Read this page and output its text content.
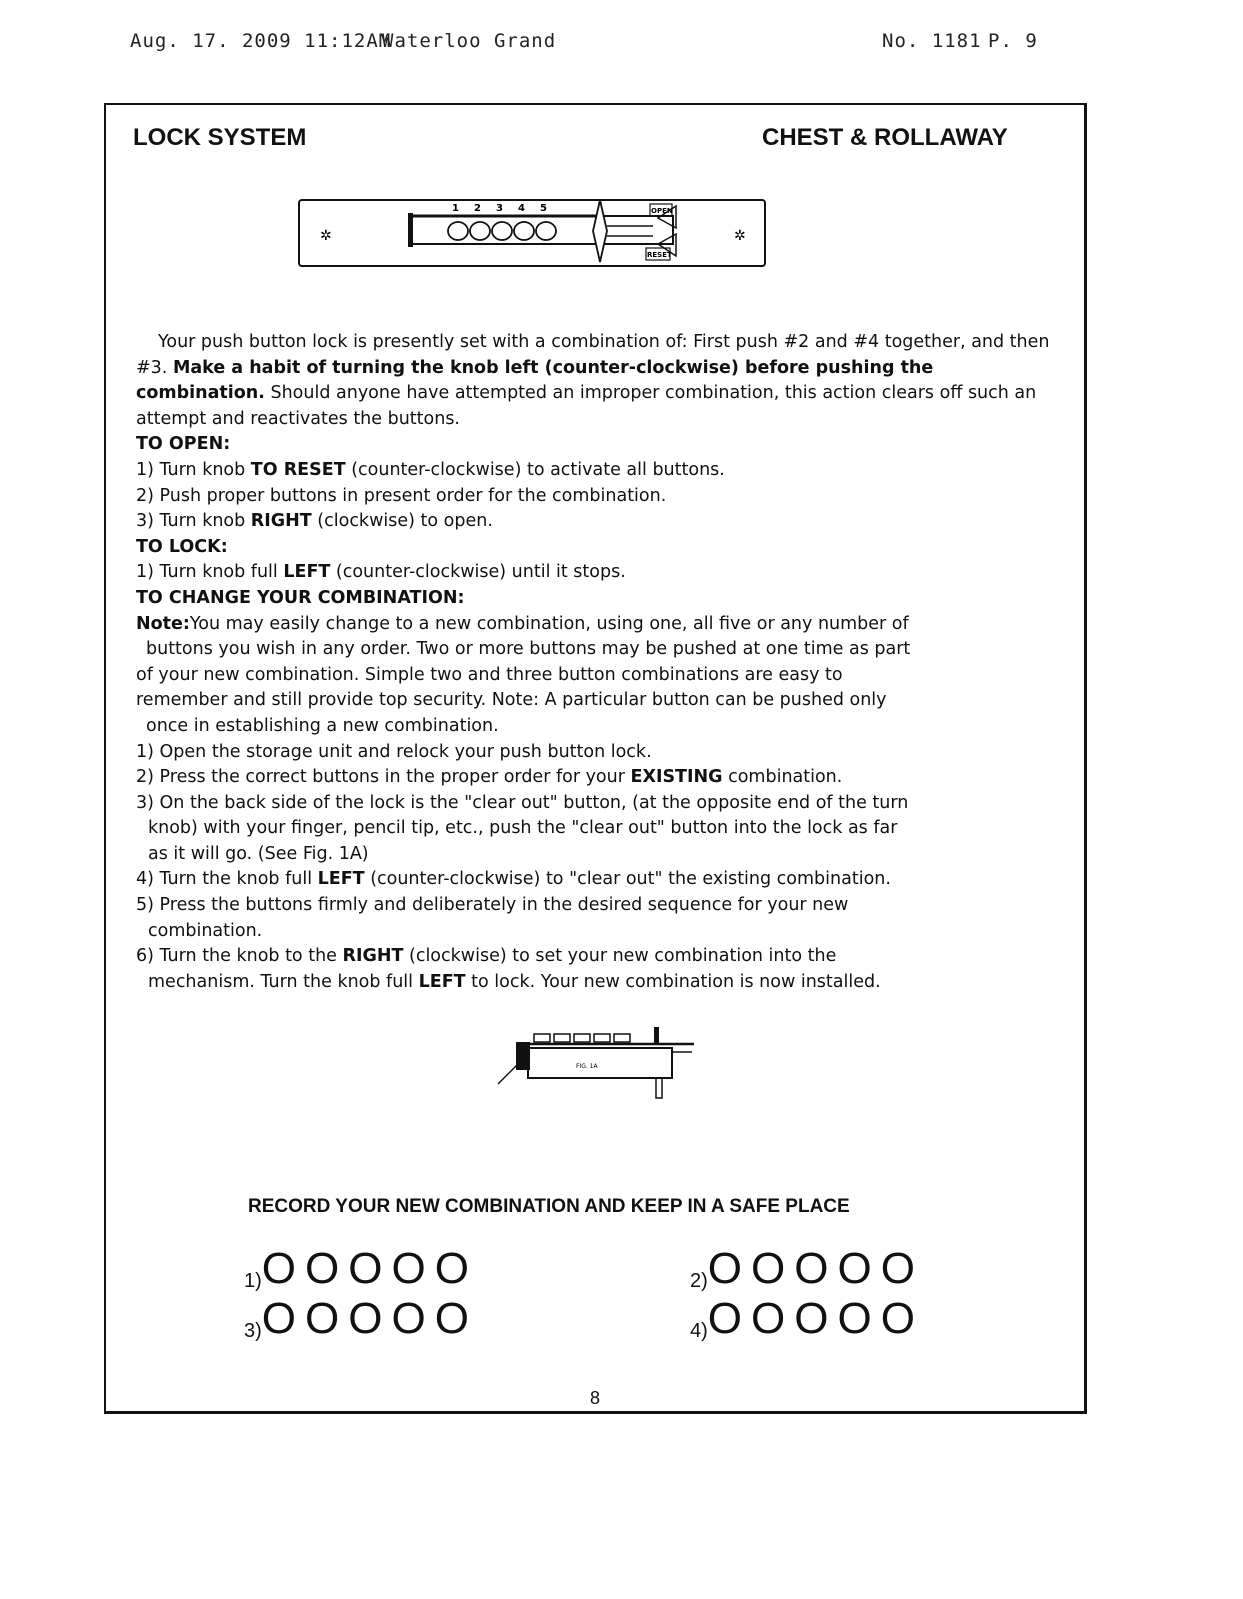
Aug. 17. 2009 11:12AM
Waterloo Grand	No. 1181 P. 9
LOCK SYSTEM	CHEST & ROLLAWAY
✲	✲
1 2 3 4 5	OPEN
RESET

Your push button lock is presently set with a combination of: First push #2 and #4 together, and then #3. Make a habit of turning the knob left (counter-clockwise) before pushing the combination. Should anyone have attempted an improper combination, this action clears off such an attempt and reactivates the buttons.

TO OPEN:

1) Turn knob TO RESET (counter-clockwise) to activate all buttons.

2) Push proper buttons in present order for the combination.

3) Turn knob RIGHT (clockwise) to open.

TO LOCK:

1) Turn knob full LEFT (counter-clockwise) until it stops.

TO CHANGE YOUR COMBINATION:

Note:You may easily change to a new combination, using one, all five or any number of

buttons you wish in any order. Two or more buttons may be pushed at one time as part

of your new combination. Simple two and three button combinations are easy to

remember and still provide top security. Note: A particular button can be pushed only

once in establishing a new combination.

1) Open the storage unit and relock your push button lock.

2) Press the correct buttons in the proper order for your EXISTING combination.

3) On the back side of the lock is the "clear out" button, (at the opposite end of the turn

knob) with your finger, pencil tip, etc., push the "clear out" button into the lock as far

as it will go. (See Fig. 1A)

4) Turn the knob full LEFT (counter-clockwise) to "clear out" the existing combination.

5) Press the buttons firmly and deliberately in the desired sequence for your new

combination.

6) Turn the knob to the RIGHT (clockwise) to set your new combination into the

mechanism. Turn the knob full LEFT to lock. Your new combination is now installed.

FIG. 1A
RECORD YOUR NEW COMBINATION AND KEEP IN A SAFE PLACE
1)O O O O O	2)O O O O O
3)O O O O O	4)O O O O O
8
